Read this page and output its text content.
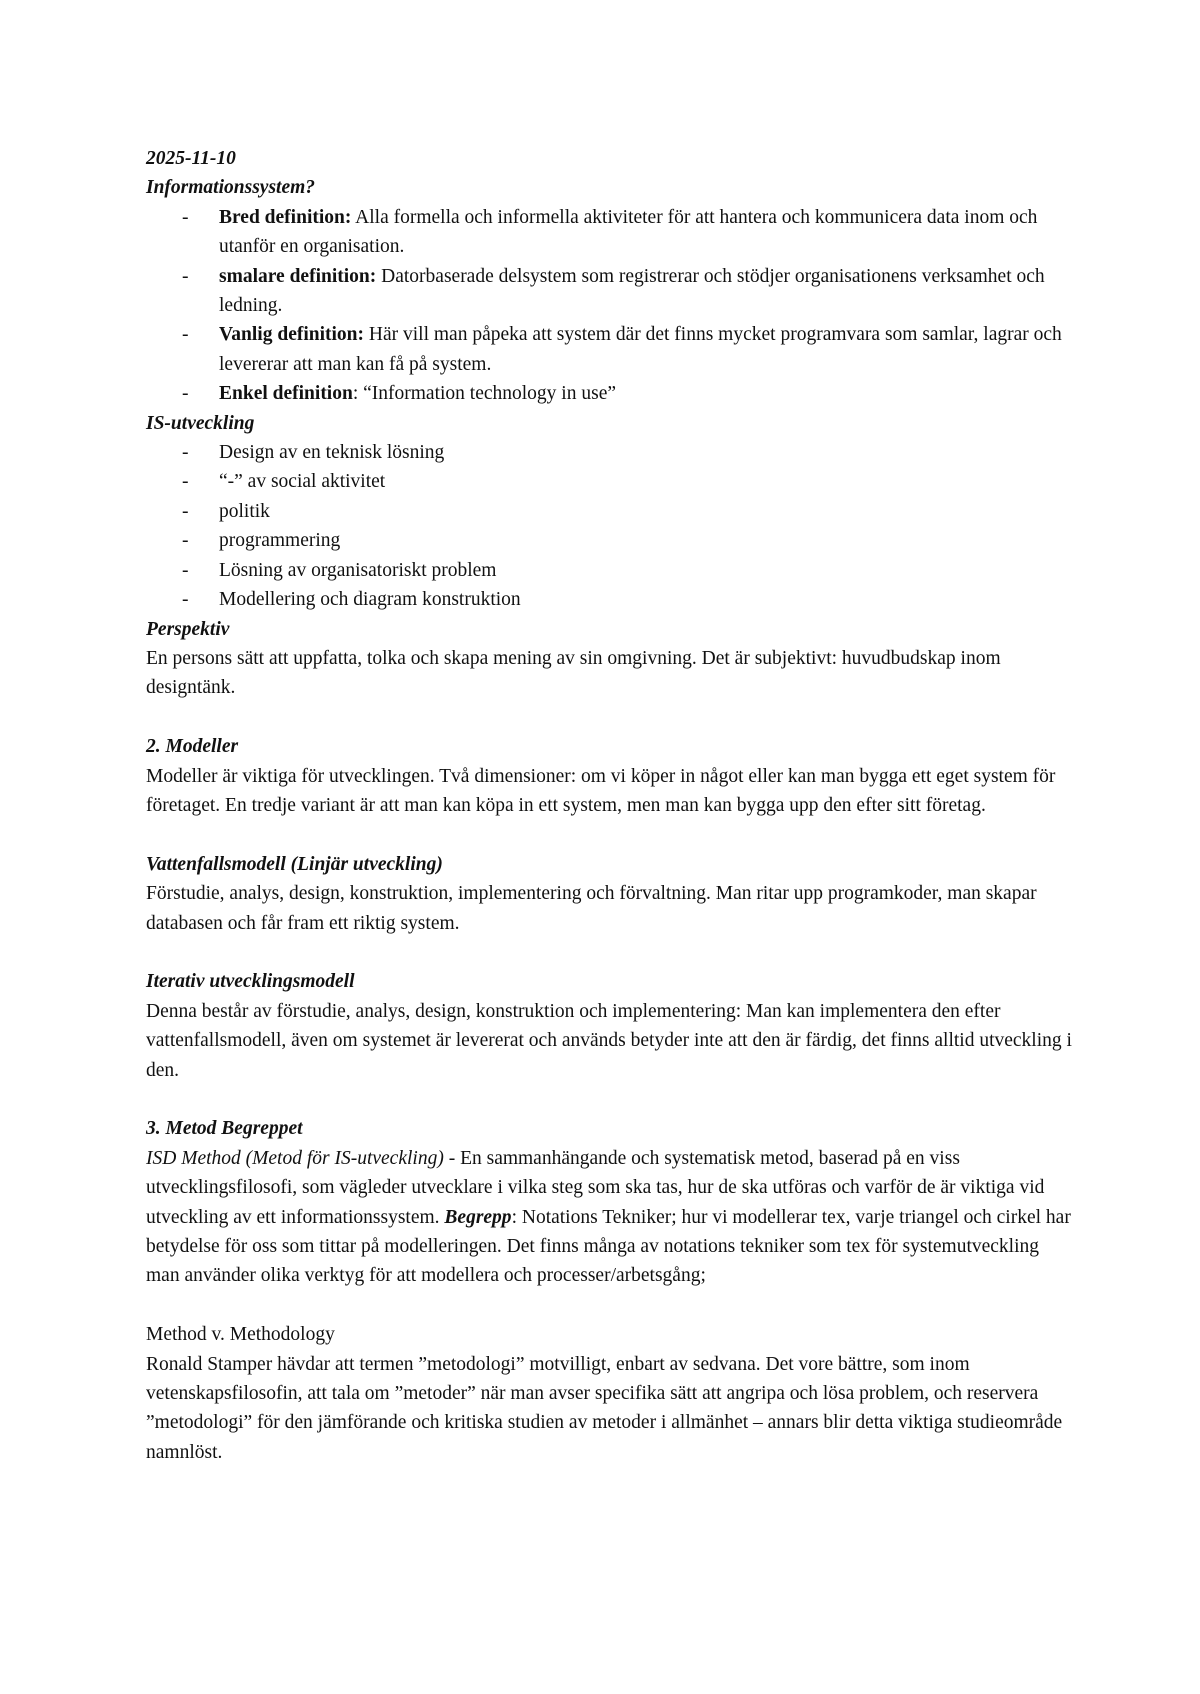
2025-11-10

Informationssystem?

- Bred definition: Alla formella och informella aktiviteter för att hantera och kommunicera data inom och utanför en organisation.
- smalare definition: Datorbaserade delsystem som registrerar och stödjer organisationens verksamhet och ledning.
- Vanlig definition: Här vill man påpeka att system där det finns mycket programvara som samlar, lagrar och levererar att man kan få på system.
- Enkel definition: “Information technology in use”

IS-utveckling

- Design av en teknisk lösning
- “-” av social aktivitet
- politik
- programmering
- Lösning av organisatoriskt problem
- Modellering och diagram konstruktion

Perspektiv

En persons sätt att uppfatta, tolka och skapa mening av sin omgivning. Det är subjektivt: huvudbudskap inom designtänk.

2. Modeller

Modeller är viktiga för utvecklingen. Två dimensioner: om vi köper in något eller kan man bygga ett eget system för företaget. En tredje variant är att man kan köpa in ett system, men man kan bygga upp den efter sitt företag.

Vattenfallsmodell (Linjär utveckling)

Förstudie, analys, design, konstruktion, implementering och förvaltning. Man ritar upp programkoder, man skapar databasen och får fram ett riktig system.

Iterativ utvecklingsmodell

Denna består av förstudie, analys, design, konstruktion och implementering: Man kan implementera den efter vattenfallsmodell, även om systemet är levererat och används betyder inte att den är färdig, det finns alltid utveckling i den.

3. Metod Begreppet

ISD Method (Metod för IS-utveckling) - En sammanhängande och systematisk metod, baserad på en viss utvecklingsfilosofi, som vägleder utvecklare i vilka steg som ska tas, hur de ska utföras och varför de är viktiga vid utveckling av ett informationssystem. Begrepp: Notations Tekniker; hur vi modellerar tex, varje triangel och cirkel har betydelse för oss som tittar på modelleringen. Det finns många av notations tekniker som tex för systemutveckling man använder olika verktyg för att modellera och processer/arbetsgång;

Method v. Methodology

Ronald Stamper hävdar att termen ”metodologi” motvilligt, enbart av sedvana. Det vore bättre, som inom vetenskapsfilosofin, att tala om ”metoder” när man avser specifika sätt att angripa och lösa problem, och reservera ”metodologi” för den jämförande och kritiska studien av metoder i allmänhet – annars blir detta viktiga studieområde namnlöst.
